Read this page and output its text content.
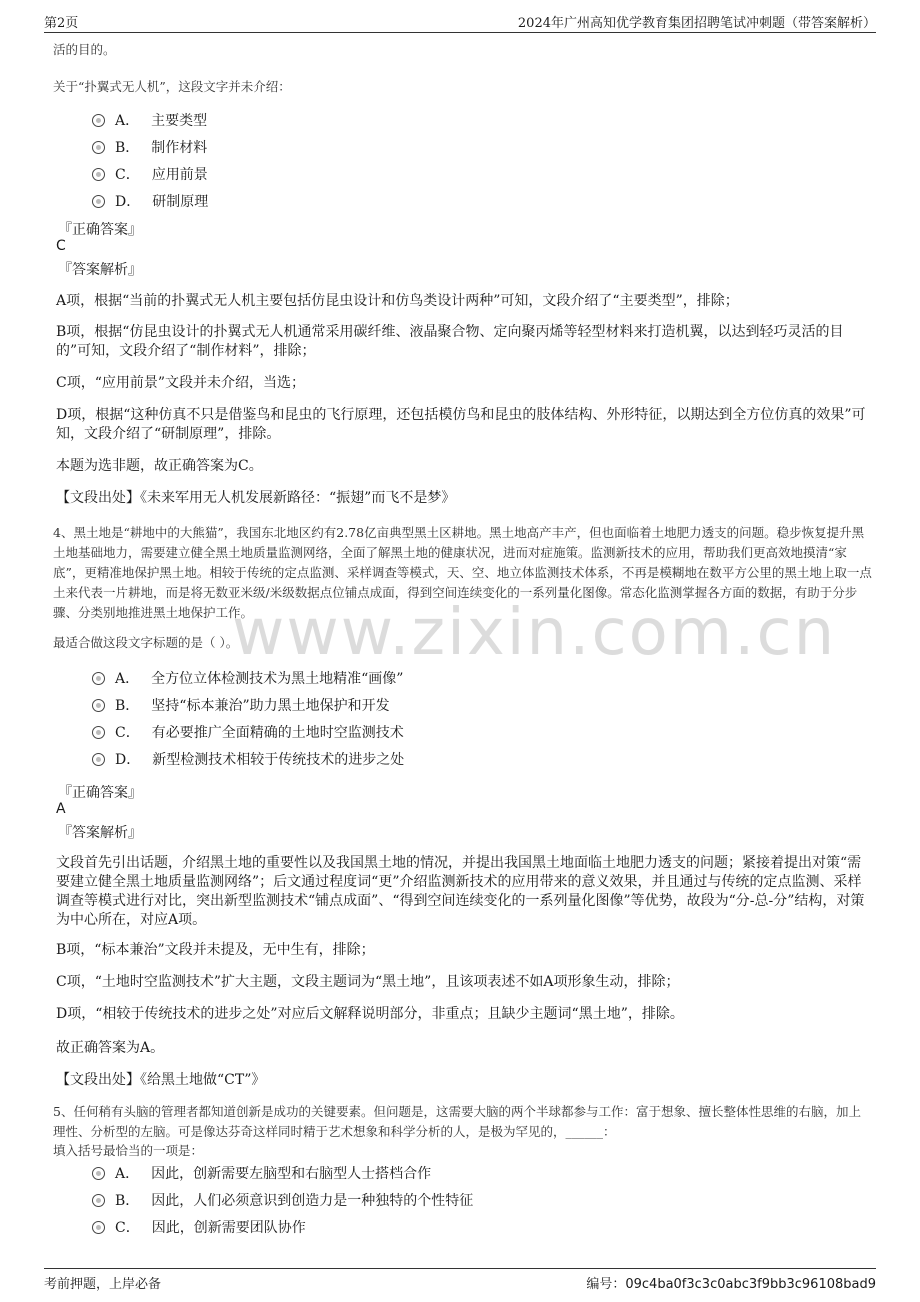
第2页	2024年广州高知优学教育集团招聘笔试冲刺题（带答案解析）
www.zixin.com.cn
活的目的。
关于“扑翼式无人机”，这段文字并未介绍：
A． 主要类型
B． 制作材料
C． 应用前景
D． 研制原理
『正确答案』
C
『答案解析』
A项，根据“当前的扑翼式无人机主要包括仿昆虫设计和仿鸟类设计两种”可知，文段介绍了“主要类型”，排除；
B项，根据“仿昆虫设计的扑翼式无人机通常采用碳纤维、液晶聚合物、定向聚丙烯等轻型材料来打造机翼，以达到轻巧灵活的目的”可知，文段介绍了“制作材料”，排除；
C项，“应用前景”文段并未介绍，当选；
D项，根据“这种仿真不只是借鉴鸟和昆虫的飞行原理，还包括模仿鸟和昆虫的肢体结构、外形特征，以期达到全方位仿真的效果”可知，文段介绍了“研制原理”，排除。
本题为选非题，故正确答案为C。
【文段出处】《未来军用无人机发展新路径：“振翅”而飞不是梦》
4、黑土地是“耕地中的大熊猫”，我国东北地区约有2.78亿亩典型黑土区耕地。黑土地高产丰产，但也面临着土地肥力透支的问题。稳步恢复提升黑土地基础地力，需要建立健全黑土地质量监测网络，全面了解黑土地的健康状况，进而对症施策。监测新技术的应用，帮助我们更高效地摸清“家底”，更精准地保护黑土地。相较于传统的定点监测、采样调查等模式，天、空、地立体监测技术体系，不再是模糊地在数平方公里的黑土地上取一点土来代表一片耕地，而是将无数亚米级/米级数据点位铺点成面，得到空间连续变化的一系列量化图像。常态化监测掌握各方面的数据，有助于分步骤、分类别地推进黑土地保护工作。
最适合做这段文字标题的是（ ）。
A． 全方位立体检测技术为黑土地精准“画像”
B． 坚持“标本兼治”助力黑土地保护和开发
C． 有必要推广全面精确的土地时空监测技术
D． 新型检测技术相较于传统技术的进步之处
『正确答案』
A
『答案解析』
文段首先引出话题，介绍黑土地的重要性以及我国黑土地的情况，并提出我国黑土地面临土地肥力透支的问题；紧接着提出对策“需要建立健全黑土地质量监测网络”；后文通过程度词“更”介绍监测新技术的应用带来的意义效果，并且通过与传统的定点监测、采样调查等模式进行对比，突出新型监测技术“铺点成面”、“得到空间连续变化的一系列量化图像”等优势，故段为“分-总-分”结构，对策为中心所在，对应A项。
B项，“标本兼治”文段并未提及，无中生有，排除；
C项，“土地时空监测技术”扩大主题，文段主题词为“黑土地”，且该项表述不如A项形象生动，排除；
D项，“相较于传统技术的进步之处”对应后文解释说明部分，非重点；且缺少主题词“黑土地”，排除。
故正确答案为A。
【文段出处】《给黑土地做“CT”》
5、任何稍有头脑的管理者都知道创新是成功的关键要素。但问题是，这需要大脑的两个半球都参与工作：富于想象、擅长整体性思维的右脑，加上理性、分析型的左脑。可是像达芬奇这样同时精于艺术想象和科学分析的人，是极为罕见的，______：
填入括号最恰当的一项是：
A． 因此，创新需要左脑型和右脑型人士搭档合作
B． 因此，人们必须意识到创造力是一种独特的个性特征
C． 因此，创新需要团队协作
考前押题，上岸必备	编号：09c4ba0f3c3c0abc3f9bb3c96108bad9
